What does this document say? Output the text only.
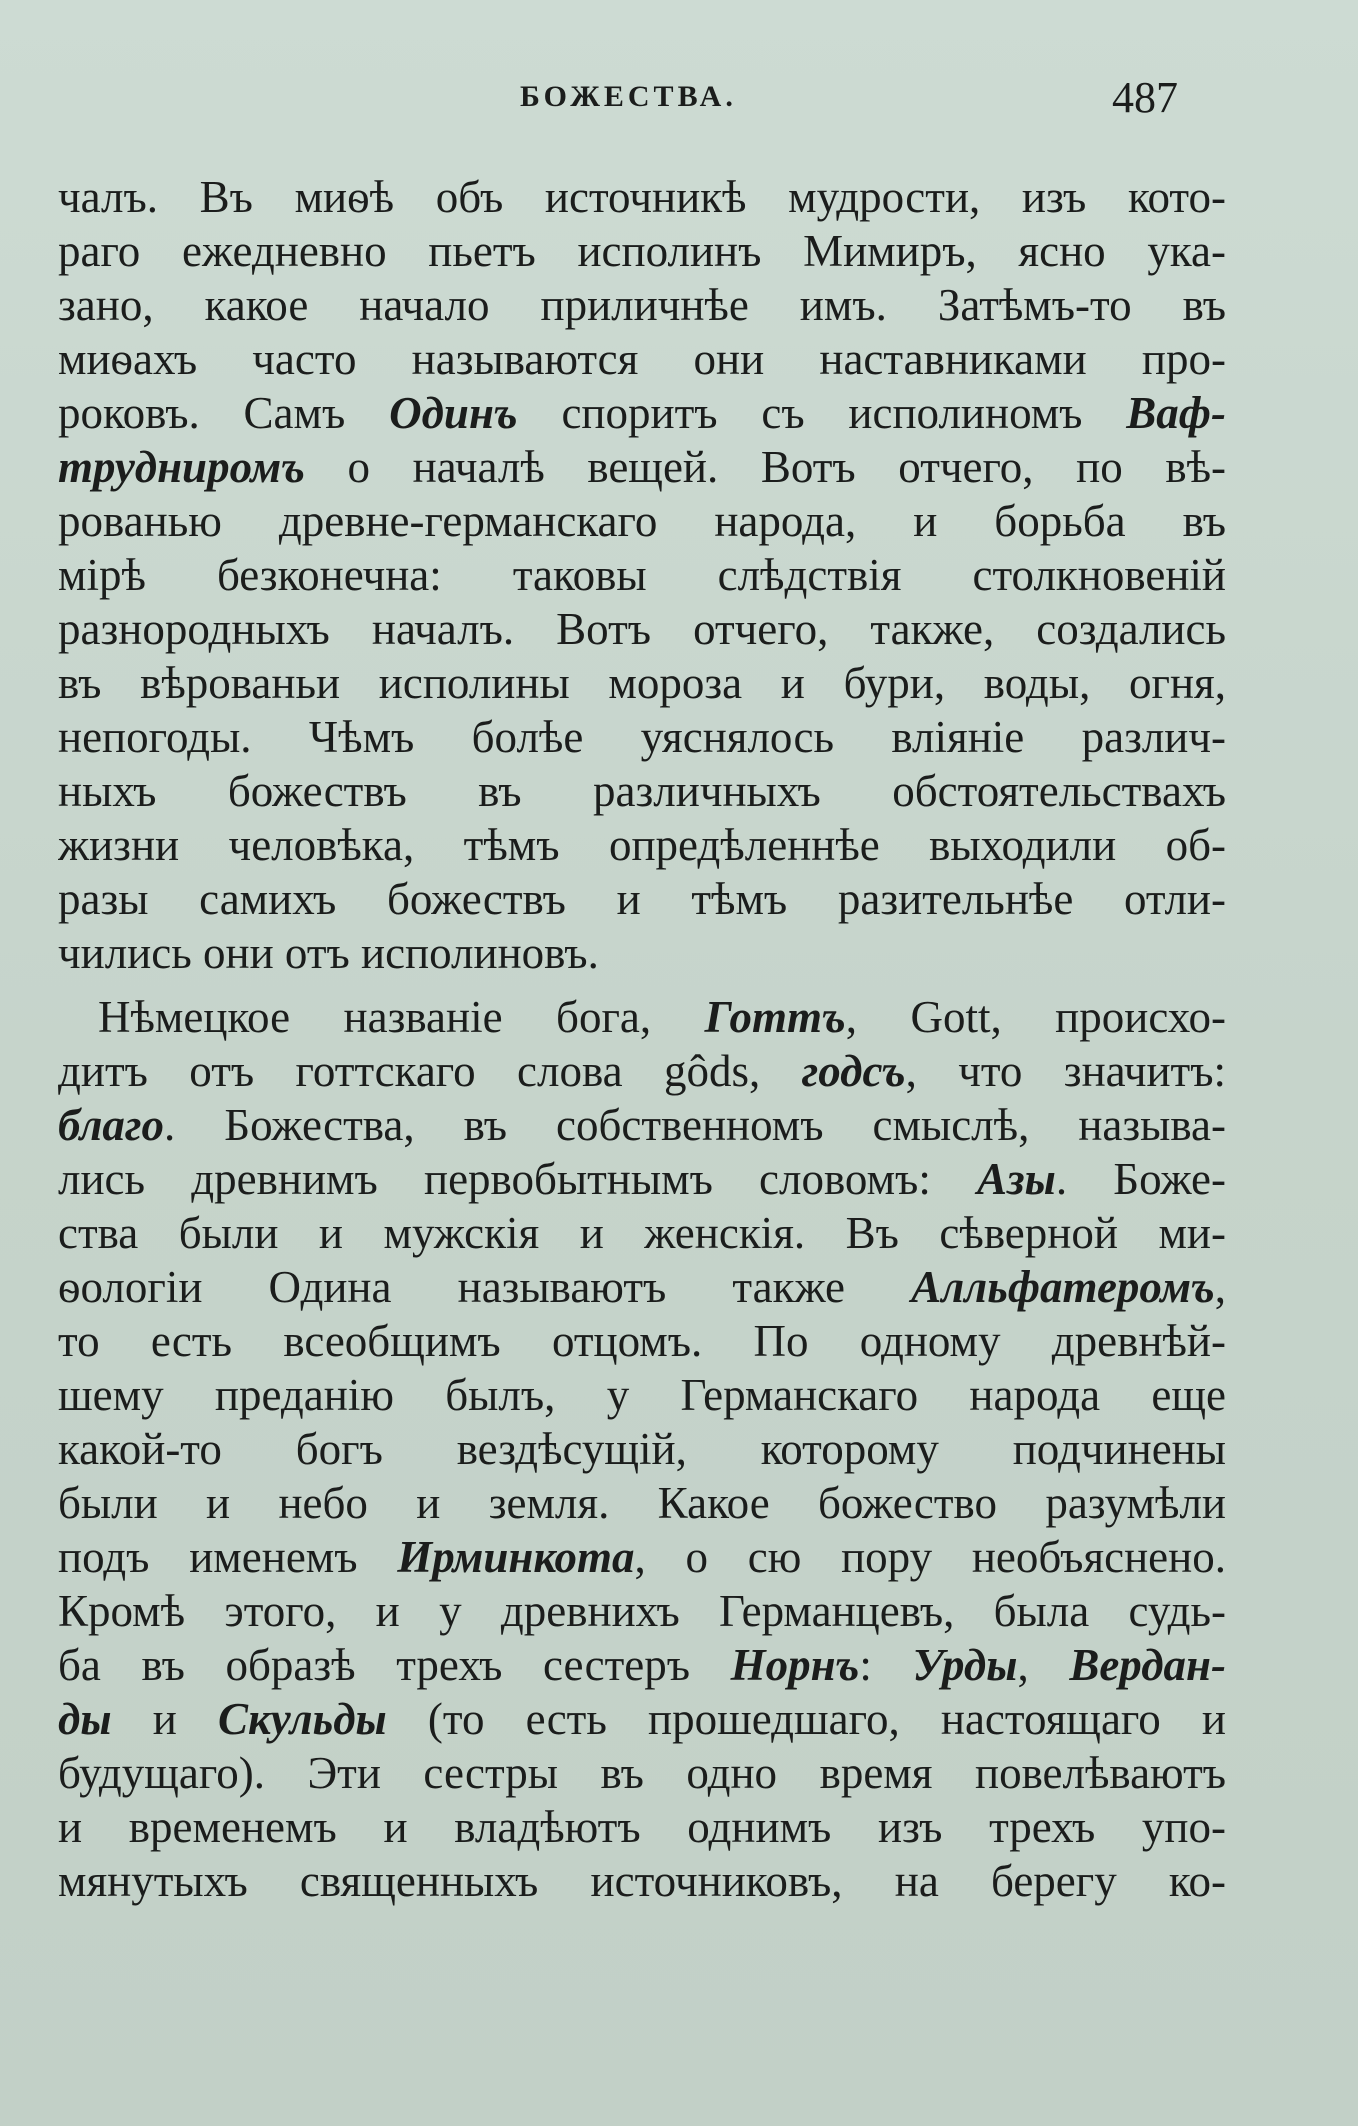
БОЖЕСТВА.	487
чалъ. Въ миѳѣ объ источникѣ мудрости, изъ кото-
раго ежедневно пьетъ исполинъ Мимиръ, ясно ука-
зано, какое начало приличнѣе имъ. Затѣмъ-то въ
миѳахъ часто называются они наставниками про-
роковъ. Самъ Одинъ споритъ съ исполиномъ Ваф-
трудниромъ о началѣ вещей. Вотъ отчего, по вѣ-
рованью древне-германскаго народа, и борьба въ
мірѣ безконечна: таковы слѣдствія столкновеній
разнородныхъ началъ. Вотъ отчего, также, создались
въ вѣрованьи исполины мороза и бури, воды, огня,
непогоды. Чѣмъ болѣе уяснялось вліяніе различ-
ныхъ божествъ въ различныхъ обстоятельствахъ
жизни человѣка, тѣмъ опредѣленнѣе выходили об-
разы самихъ божествъ и тѣмъ разительнѣе отли-
чились они отъ исполиновъ.
Нѣмецкое названіе бога, Готтъ, Gott, происхо-
дитъ отъ готтскаго слова gôds, годсъ, что значитъ:
благо. Божества, въ собственномъ смыслѣ, называ-
лись древнимъ первобытнымъ словомъ: Азы. Боже-
ства были и мужскія и женскія. Въ сѣверной ми-
ѳологіи Одина называютъ также Алльфатеромъ,
то есть всеобщимъ отцомъ. По одному древнѣй-
шему преданію былъ, у Германскаго народа еще
какой-то богъ вездѣсущій, которому подчинены
были и небо и земля. Какое божество разумѣли
подъ именемъ Ирминкота, о сю пору необъяснено.
Кромѣ этого, и у древнихъ Германцевъ, была судь-
ба въ образѣ трехъ сестеръ Норнъ: Урды, Вердан-
ды и Скульды (то есть прошедшаго, настоящаго и
будущаго). Эти сестры въ одно время повелѣваютъ
и временемъ и владѣютъ однимъ изъ трехъ упо-
мянутыхъ священныхъ источниковъ, на берегу ко-
